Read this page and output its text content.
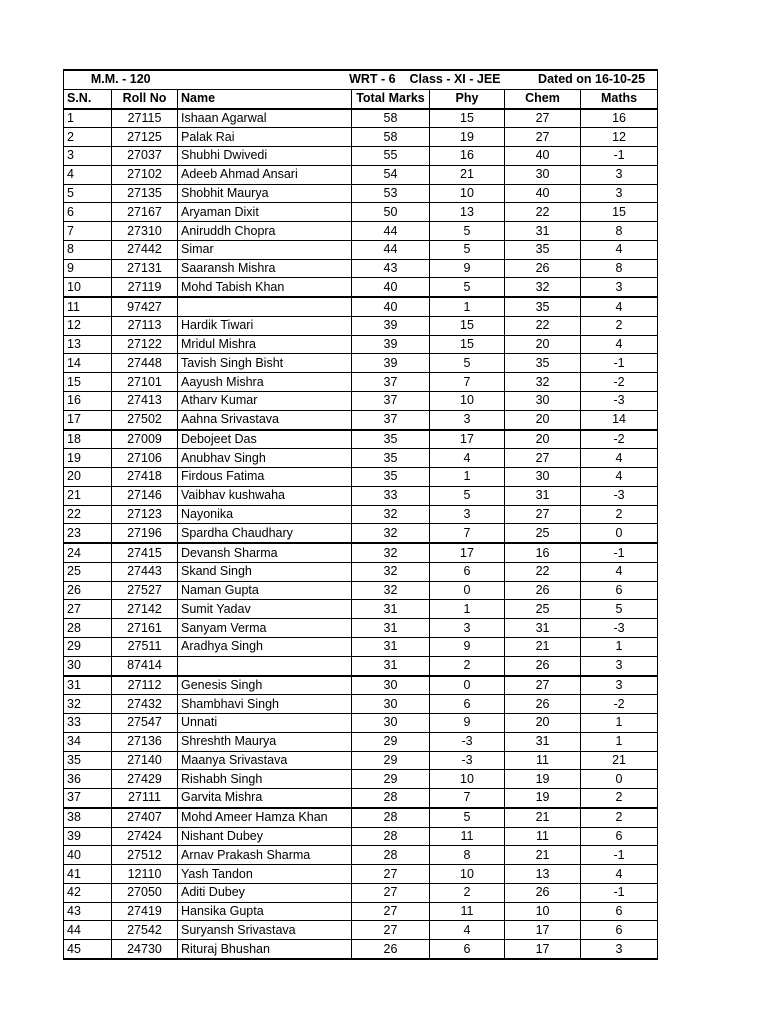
M.M. - 120		WRT - 6 Class - XI - JEE			Dated on 16-10-25	
S.N.	Roll No	Name	Total Marks	Phy	Chem	Maths
1	27115	Ishaan Agarwal	58	15	27	16
2	27125	Palak Rai	58	19	27	12
3	27037	Shubhi Dwivedi	55	16	40	-1
4	27102	Adeeb Ahmad Ansari	54	21	30	3
5	27135	Shobhit Maurya	53	10	40	3
6	27167	Aryaman Dixit	50	13	22	15
7	27310	Aniruddh Chopra	44	5	31	8
8	27442	Simar	44	5	35	4
9	27131	Saaransh Mishra	43	9	26	8
10	27119	Mohd Tabish Khan	40	5	32	3
11	97427		40	1	35	4
12	27113	Hardik Tiwari	39	15	22	2
13	27122	Mridul Mishra	39	15	20	4
14	27448	Tavish Singh Bisht	39	5	35	-1
15	27101	Aayush Mishra	37	7	32	-2
16	27413	Atharv Kumar	37	10	30	-3
17	27502	Aahna Srivastava	37	3	20	14
18	27009	Debojeet Das	35	17	20	-2
19	27106	Anubhav Singh	35	4	27	4
20	27418	Firdous Fatima	35	1	30	4
21	27146	Vaibhav kushwaha	33	5	31	-3
22	27123	Nayonika	32	3	27	2
23	27196	Spardha Chaudhary	32	7	25	0
24	27415	Devansh Sharma	32	17	16	-1
25	27443	Skand Singh	32	6	22	4
26	27527	Naman Gupta	32	0	26	6
27	27142	Sumit Yadav	31	1	25	5
28	27161	Sanyam Verma	31	3	31	-3
29	27511	Aradhya Singh	31	9	21	1
30	87414		31	2	26	3
31	27112	Genesis Singh	30	0	27	3
32	27432	Shambhavi Singh	30	6	26	-2
33	27547	Unnati	30	9	20	1
34	27136	Shreshth Maurya	29	-3	31	1
35	27140	Maanya Srivastava	29	-3	11	21
36	27429	Rishabh Singh	29	10	19	0
37	27111	Garvita Mishra	28	7	19	2
38	27407	Mohd Ameer Hamza Khan	28	5	21	2
39	27424	Nishant Dubey	28	11	11	6
40	27512	Arnav Prakash Sharma	28	8	21	-1
41	12110	Yash Tandon	27	10	13	4
42	27050	Aditi Dubey	27	2	26	-1
43	27419	Hansika Gupta	27	11	10	6
44	27542	Suryansh Srivastava	27	4	17	6
45	24730	Rituraj Bhushan	26	6	17	3
